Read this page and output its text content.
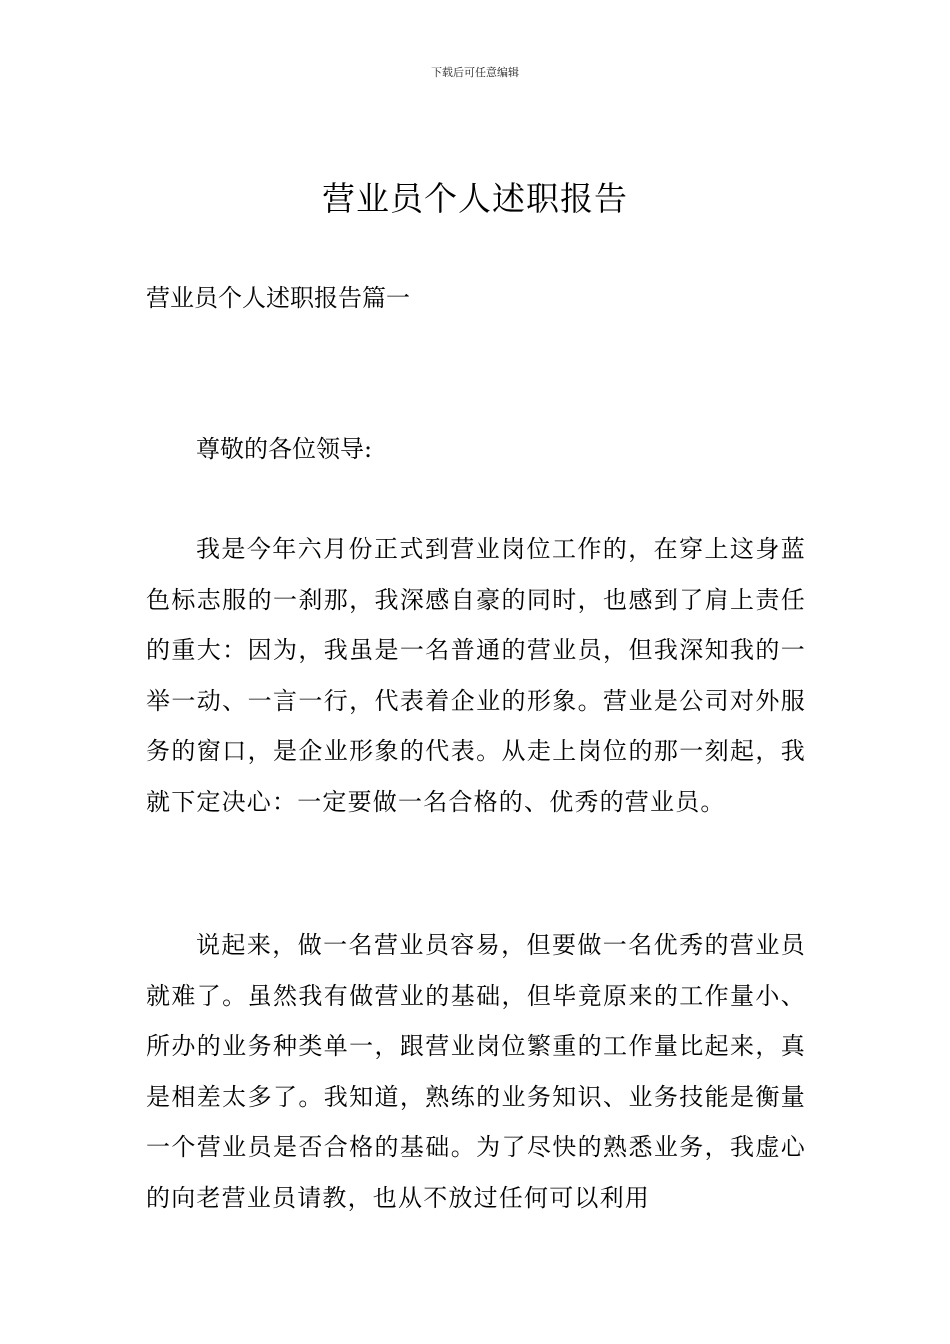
下载后可任意编辑
营业员个人述职报告
营业员个人述职报告篇一
尊敬的各位领导:

我是今年六月份正式到营业岗位工作的，在穿上这身蓝色标志服的一刹那，我深感自豪的同时，也感到了肩上责任的重大：因为，我虽是一名普通的营业员，但我深知我的一举一动、一言一行，代表着企业的形象。营业是公司对外服务的窗口，是企业形象的代表。从走上岗位的那一刻起，我就下定决心：一定要做一名合格的、优秀的营业员。

说起来，做一名营业员容易，但要做一名优秀的营业员就难了。虽然我有做营业的基础，但毕竟原来的工作量小、所办的业务种类单一，跟营业岗位繁重的工作量比起来，真是相差太多了。我知道，熟练的业务知识、业务技能是衡量一个营业员是否合格的基础。为了尽快的熟悉业务，我虚心的向老营业员请教，也从不放过任何可以利用
